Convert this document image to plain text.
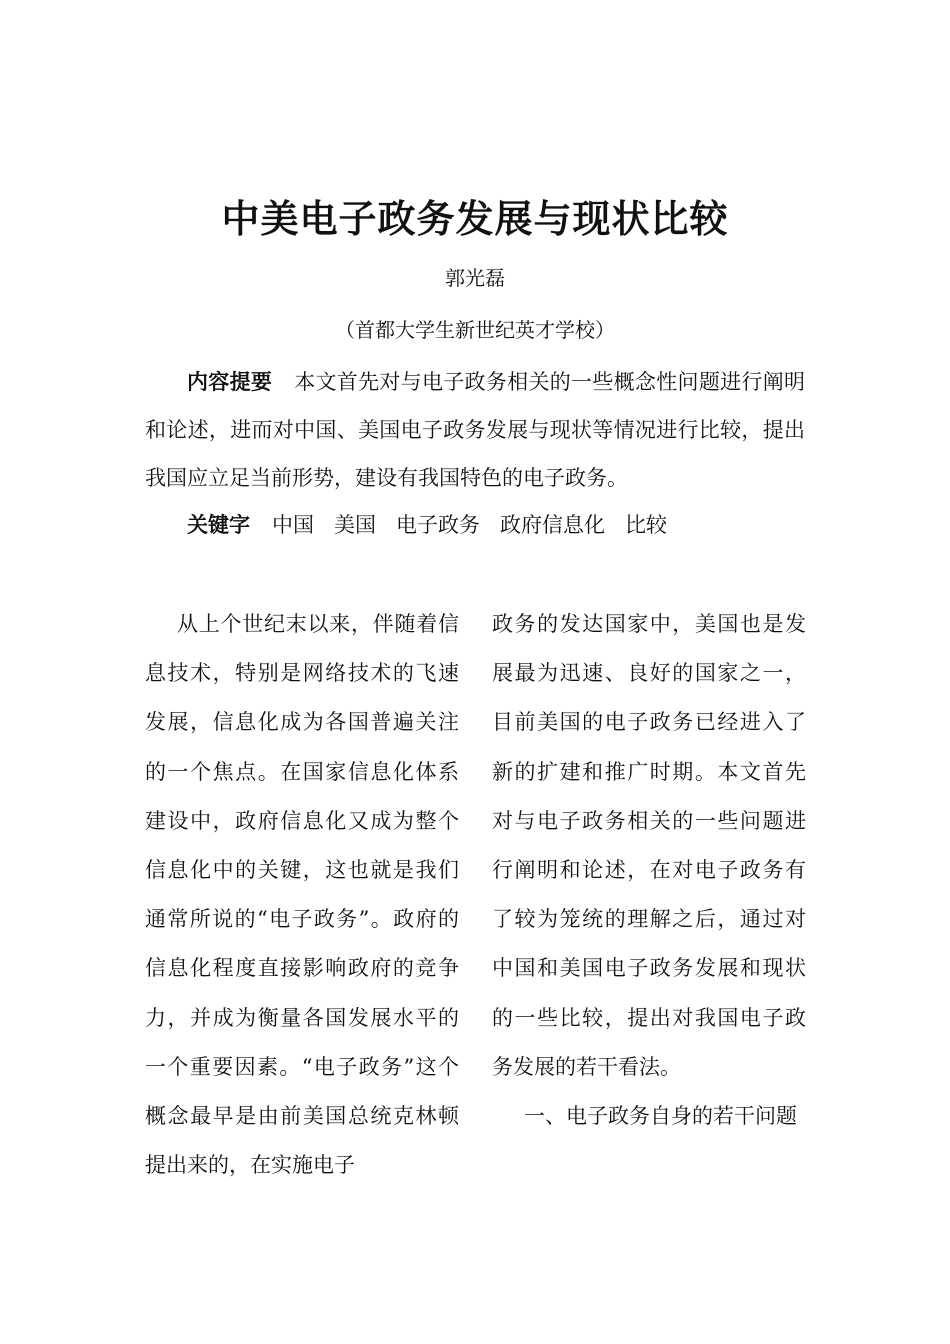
中美电子政务发展与现状比较
郭光磊
（首都大学生新世纪英才学校）

内容提要 本文首先对与电子政务相关的一些概念性问题进行阐明和论述，进而对中国、美国电子政务发展与现状等情况进行比较，提出我国应立足当前形势，建设有我国特色的电子政务。

关键字 中国 美国 电子政务 政府信息化 比较

从上个世纪末以来，伴随着信息技术，特别是网络技术的飞速发展，信息化成为各国普遍关注的一个焦点。在国家信息化体系建设中，政府信息化又成为整个信息化中的关键，这也就是我们通常所说的“电子政务”。政府的信息化程度直接影响政府的竞争力，并成为衡量各国发展水平的一个重要因素。“电子政务”这个概念最早是由前美国总统克林顿提出来的，在实施电子

政务的发达国家中，美国也是发展最为迅速、良好的国家之一，目前美国的电子政务已经进入了新的扩建和推广时期。本文首先对与电子政务相关的一些问题进行阐明和论述，在对电子政务有了较为笼统的理解之后，通过对中国和美国电子政务发展和现状的一些比较，提出对我国电子政务发展的若干看法。

一、电子政务自身的若干问题
